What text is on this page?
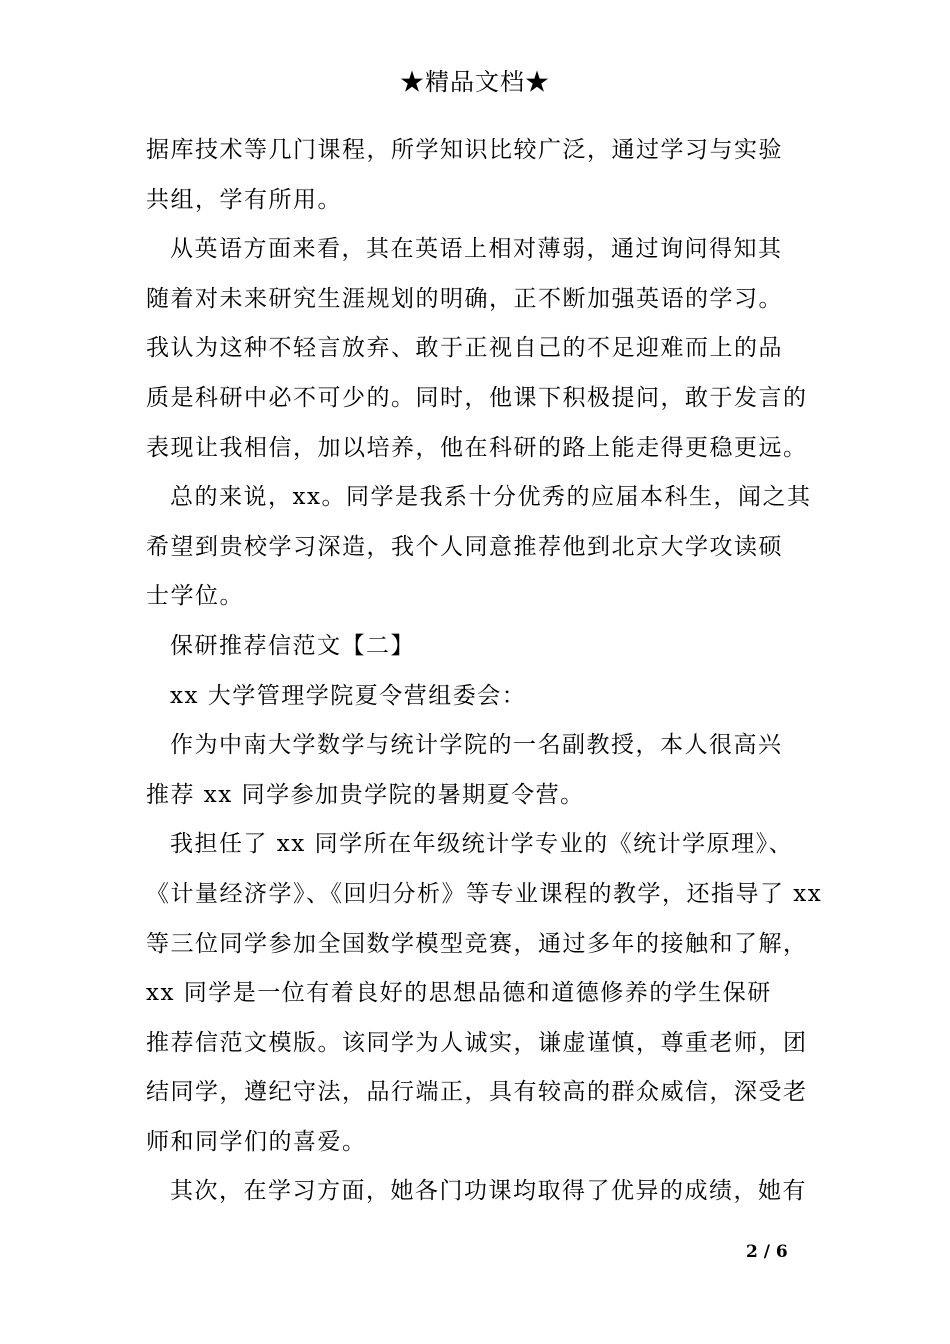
★精品文档★
据库技术等几门课程，所学知识比较广泛，通过学习与实验
共组，学有所用。
从英语方面来看，其在英语上相对薄弱，通过询问得知其
随着对未来研究生涯规划的明确，正不断加强英语的学习。
我认为这种不轻言放弃、敢于正视自己的不足迎难而上的品
质是科研中必不可少的。同时，他课下积极提问，敢于发言的
表现让我相信，加以培养，他在科研的路上能走得更稳更远。
总的来说，xx。同学是我系十分优秀的应届本科生，闻之其
希望到贵校学习深造，我个人同意推荐他到北京大学攻读硕
士学位。
保研推荐信范文【二】
xx 大学管理学院夏令营组委会：
作为中南大学数学与统计学院的一名副教授，本人很高兴
推荐 xx 同学参加贵学院的暑期夏令营。
我担任了 xx 同学所在年级统计学专业的《统计学原理》、
《计量经济学》、《回归分析》等专业课程的教学，还指导了 xx
等三位同学参加全国数学模型竞赛，通过多年的接触和了解，
xx 同学是一位有着良好的思想品德和道德修养的学生保研
推荐信范文模版。该同学为人诚实，谦虚谨慎，尊重老师，团
结同学，遵纪守法，品行端正，具有较高的群众威信，深受老
师和同学们的喜爱。
其次，在学习方面，她各门功课均取得了优异的成绩，她有
2 / 6
